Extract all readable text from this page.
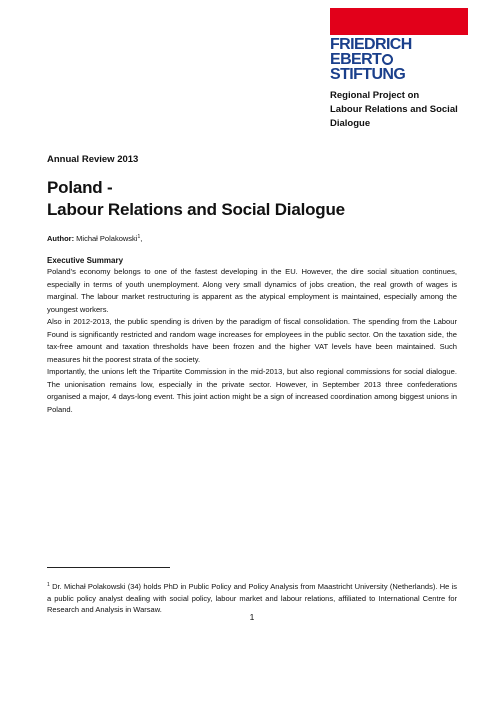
FRIEDRICH
EBERT
STIFTUNG
Regional Project on
Labour Relations and Social
Dialogue
Annual Review 2013
Poland -
Labour Relations and Social Dialogue
Author: Michał Polakowski$^1$,
Executive Summary

Poland's economy belongs to one of the fastest developing in the EU. However, the dire social situation continues, especially in terms of youth unemployment. Along very small dynamics of jobs creation, the real growth of wages is marginal. The labour market restructuring is apparent as the atypical employment is maintained, especially among the youngest workers.

Also in 2012-2013, the public spending is driven by the paradigm of fiscal consolidation. The spending from the Labour Found is significantly restricted and random wage increases for employees in the public sector. On the taxation side, the tax-free amount and taxation thresholds have been frozen and the higher VAT levels have been maintained. Such measures hit the poorest strata of the society.

Importantly, the unions left the Tripartite Commission in the mid-2013, but also regional commissions for social dialogue. The unionisation remains low, especially in the private sector. However, in September 2013 three confederations organised a major, 4 days-long event. This joint action might be a sign of increased coordination among biggest unions in Poland.

$^1$ Dr. Michał Polakowski (34) holds PhD in Public Policy and Policy Analysis from Maastricht University (Netherlands). He is a public policy analyst dealing with social policy, labour market and labour relations, affiliated to International Centre for Research and Analysis in Warsaw.
1
